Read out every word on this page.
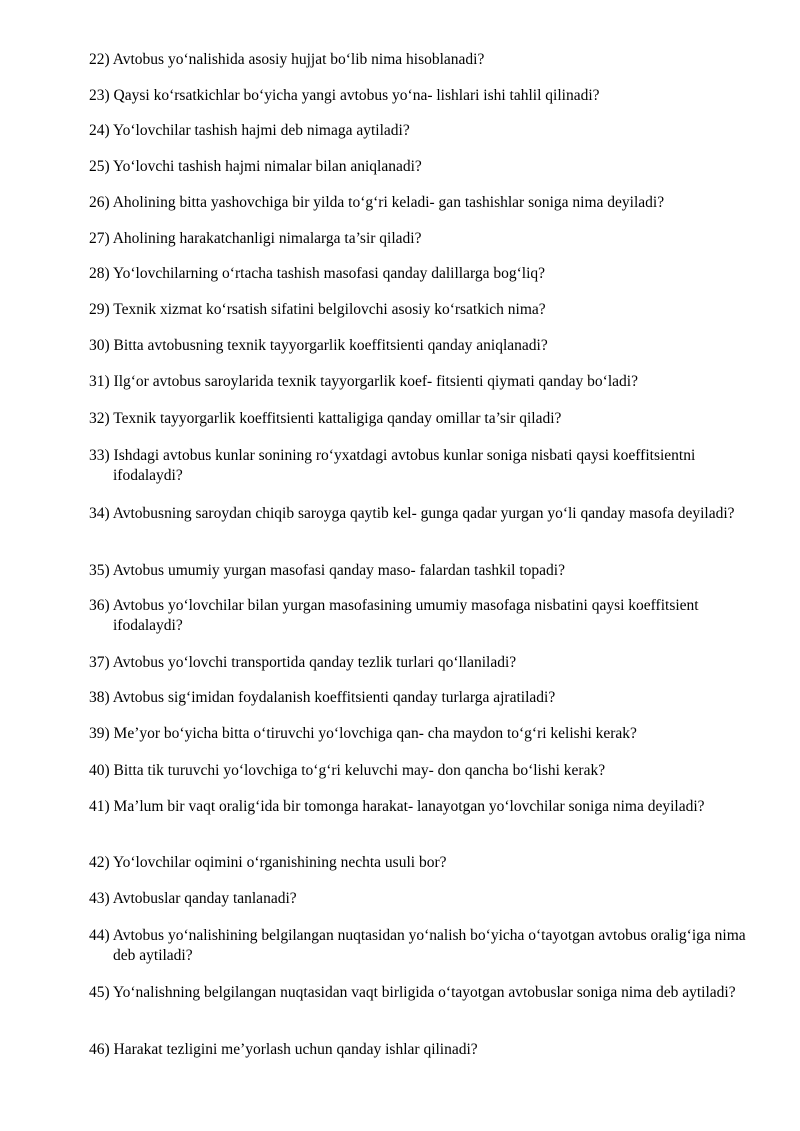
22) Avtobus yo‘nalishida asosiy hujjat bo‘lib nima hisoblanadi?
23) Qaysi ko‘rsatkichlar bo‘yicha yangi avtobus yo‘na- lishlari ishi tahlil qilinadi?
24) Yo‘lovchilar tashish hajmi deb nimaga aytiladi?
25) Yo‘lovchi tashish hajmi nimalar bilan aniqlanadi?
26) Aholining bitta yashovchiga bir yilda to‘g‘ri keladi- gan tashishlar soniga nima deyiladi?
27) Aholining harakatchanligi nimalarga ta’sir qiladi?
28) Yo‘lovchilarning o‘rtacha tashish masofasi qanday dalillarga bog‘liq?
29) Texnik xizmat ko‘rsatish sifatini belgilovchi asosiy ko‘rsatkich nima?
30) Bitta avtobusning texnik tayyorgarlik koeffitsienti qanday aniqlanadi?
31) Ilg‘or avtobus saroylarida texnik tayyorgarlik koef- fitsienti qiymati qanday bo‘ladi?
32) Texnik tayyorgarlik koeffitsienti kattaligiga qanday omillar ta’sir qiladi?
33) Ishdagi avtobus kunlar sonining ro‘yxatdagi avtobus kunlar soniga nisbati qaysi koeffitsientni ifodalaydi?
34) Avtobusning saroydan chiqib saroyga qaytib kel- gunga qadar yurgan yo‘li qanday masofa deyiladi?
35) Avtobus umumiy yurgan masofasi qanday maso- falardan tashkil topadi?
36) Avtobus yo‘lovchilar bilan yurgan masofasining umumiy masofaga nisbatini qaysi koeffitsient ifodalaydi?
37) Avtobus yo‘lovchi transportida qanday tezlik turlari qo‘llaniladi?
38) Avtobus sig‘imidan foydalanish koeffitsienti qanday turlarga ajratiladi?
39) Me’yor bo‘yicha bitta o‘tiruvchi yo‘lovchiga qan- cha maydon to‘g‘ri kelishi kerak?
40) Bitta tik turuvchi yo‘lovchiga to‘g‘ri keluvchi may- don qancha bo‘lishi kerak?
41) Ma’lum bir vaqt oralig‘ida bir tomonga harakat- lanayotgan yo‘lovchilar soniga nima deyiladi?
42) Yo‘lovchilar oqimini o‘rganishining nechta usuli bor?
43) Avtobuslar qanday tanlanadi?
44) Avtobus yo‘nalishining belgilangan nuqtasidan yo‘nalish bo‘yicha o‘tayotgan avtobus oralig‘iga nima deb aytiladi?
45) Yo‘nalishning belgilangan nuqtasidan vaqt birligida o‘tayotgan avtobuslar soniga nima deb aytiladi?
46) Harakat tezligini me’yorlash uchun qanday ishlar qilinadi?
